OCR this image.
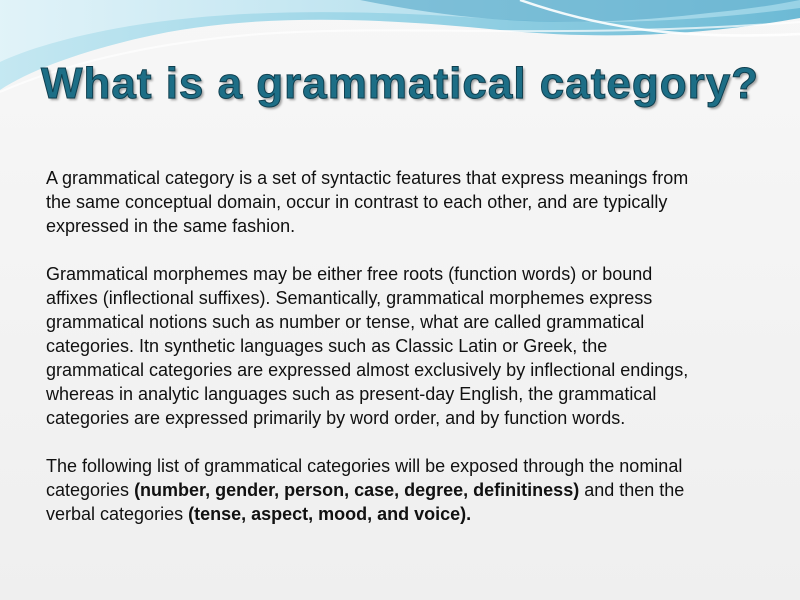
What is a grammatical category?

A grammatical category is a set of syntactic features that express meanings from
the same conceptual domain, occur in contrast to each other, and are typically
expressed in the same fashion.

Grammatical morphemes may be either free roots (function words) or bound
affixes (inflectional suffixes). Semantically, grammatical morphemes express
grammatical notions such as number or tense, what are called grammatical
categories. Itn synthetic languages such as Classic Latin or Greek, the
grammatical categories are expressed almost exclusively by inflectional endings,
whereas in analytic languages such as present-day English, the grammatical
categories are expressed primarily by word order, and by function words.

The following list of grammatical categories will be exposed through the nominal
categories (number, gender, person, case, degree, definitiness) and then the
verbal categories (tense, aspect, mood, and voice).
